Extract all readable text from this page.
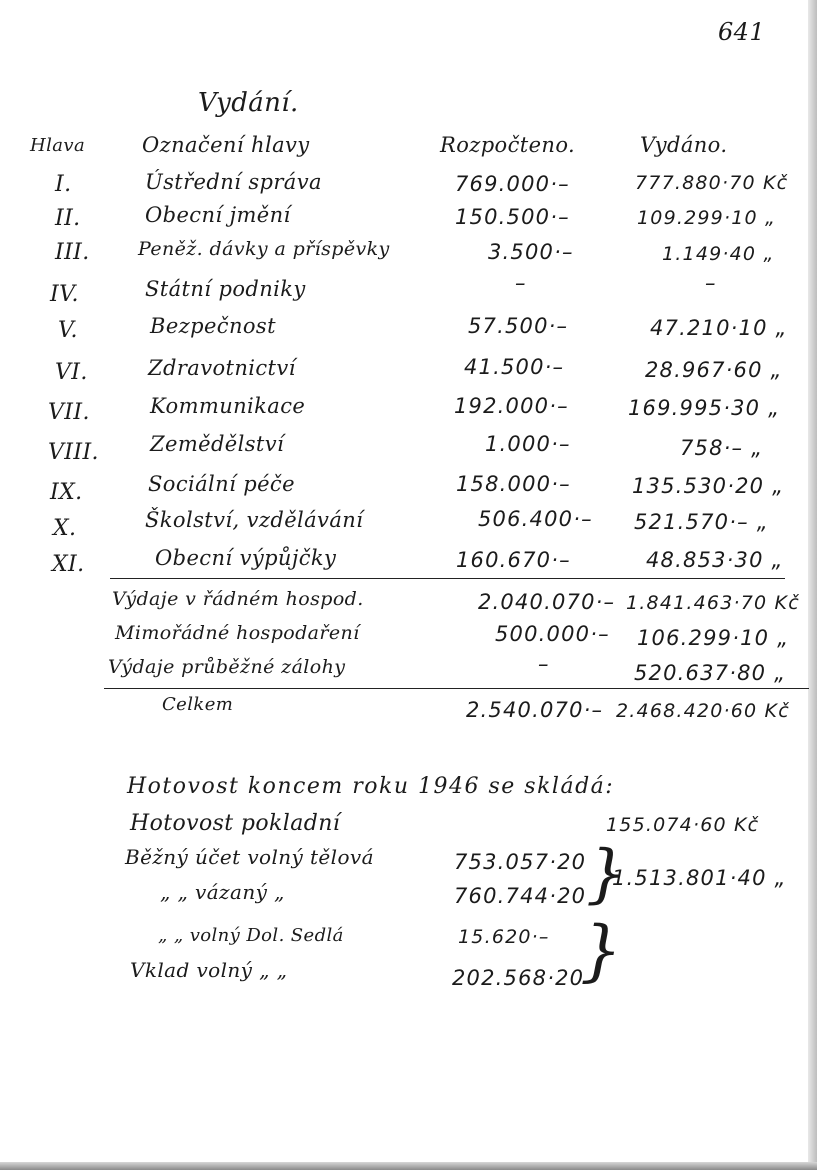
641
Vydání.
Hlava	Označení hlavy	Rozpočteno.	Vydáno.
I.	Ústřední správa	769.000·–	777.880·70 Kč
II.	Obecní jmění	150.500·–	109.299·10 „
III.	Peněž. dávky a příspěvky	3.500·–	1.149·40 „
IV.	Státní podniky	–	–
V.	Bezpečnost	57.500·–	47.210·10 „
VI.	Zdravotnictví	41.500·–	28.967·60 „
VII.	Kommunikace	192.000·–	169.995·30 „
VIII. Zemědělství	1.000·–	758·– „
IX.	Sociální péče	158.000·–	135.530·20 „
X.	Školství, vzdělávání	506.400·– 521.570·– „
XI.	Obecní výpůjčky	160.670·–	48.853·30 „
Výdaje v řádném hospod.	2.040.070·– 1.841.463·70 Kč
Mimořádné hospodaření	500.000·– 106.299·10 „
Výdaje průběžné zálohy	–	520.637·80 „
Celkem	2.540.070·– 2.468.420·60 Kč
Hotovost koncem roku 1946 se skládá:
Hotovost pokladní	155.074·60 Kč
Běžný účet volný tělová	753.057·20
„ „ vázaný „	760.744·20 }
1.513.801·40 „
„ „ volný Dol. Sedlá	15.620·–
Vklad volný „ „	202.568·20
}
